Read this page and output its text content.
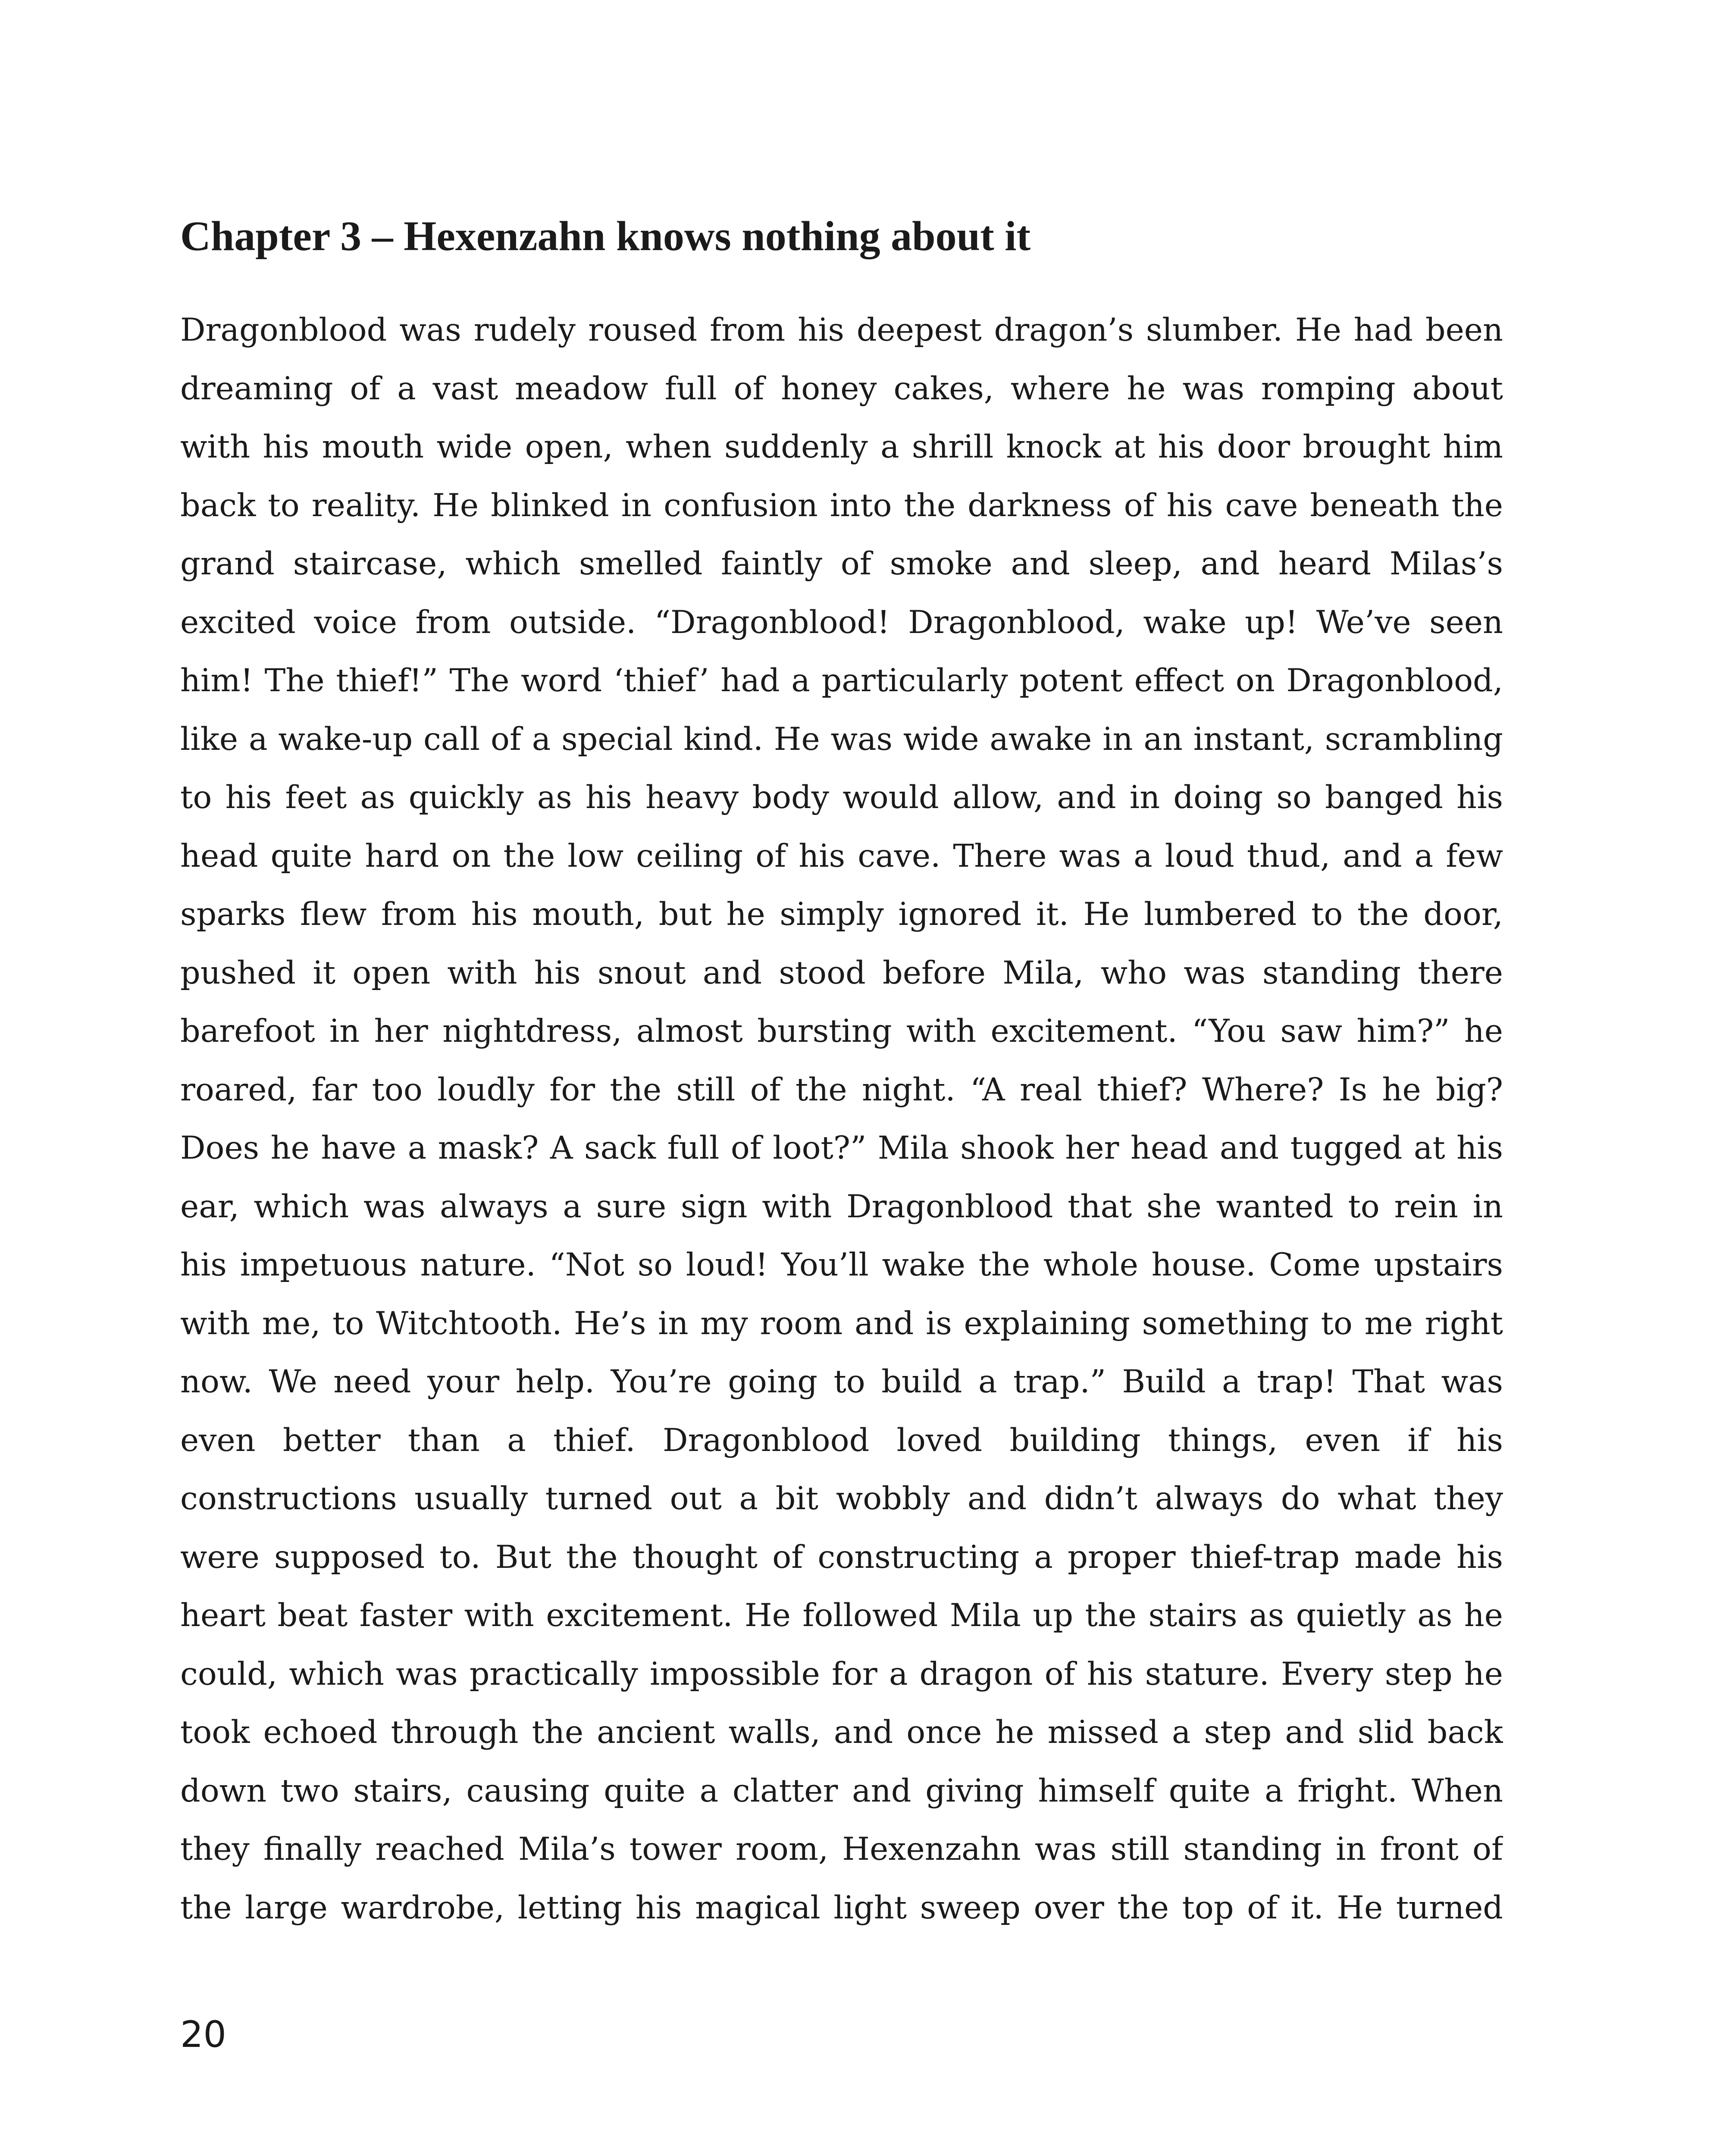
Chapter 3 – Hexenzahn knows nothing about it
Dragonblood was rudely roused from his deepest dragon’s slumber. He had been
dreaming of a vast meadow full of honey cakes, where he was romping about
with his mouth wide open, when suddenly a shrill knock at his door brought him
back to reality. He blinked in confusion into the darkness of his cave beneath the
grand staircase, which smelled faintly of smoke and sleep, and heard Milas’s
excited voice from outside. “Dragonblood! Dragonblood, wake up! We’ve seen
him! The thief!” The word ‘thief’ had a particularly potent effect on Dragonblood,
like a wake-up call of a special kind. He was wide awake in an instant, scrambling
to his feet as quickly as his heavy body would allow, and in doing so banged his
head quite hard on the low ceiling of his cave. There was a loud thud, and a few
sparks flew from his mouth, but he simply ignored it. He lumbered to the door,
pushed it open with his snout and stood before Mila, who was standing there
barefoot in her nightdress, almost bursting with excitement. “You saw him?” he
roared, far too loudly for the still of the night. “A real thief? Where? Is he big?
Does he have a mask? A sack full of loot?” Mila shook her head and tugged at his
ear, which was always a sure sign with Dragonblood that she wanted to rein in
his impetuous nature. “Not so loud! You’ll wake the whole house. Come upstairs
with me, to Witchtooth. He’s in my room and is explaining something to me right
now. We need your help. You’re going to build a trap.” Build a trap! That was
even better than a thief. Dragonblood loved building things, even if his
constructions usually turned out a bit wobbly and didn’t always do what they
were supposed to. But the thought of constructing a proper thief-trap made his
heart beat faster with excitement. He followed Mila up the stairs as quietly as he
could, which was practically impossible for a dragon of his stature. Every step he
took echoed through the ancient walls, and once he missed a step and slid back
down two stairs, causing quite a clatter and giving himself quite a fright. When
they finally reached Mila’s tower room, Hexenzahn was still standing in front of
the large wardrobe, letting his magical light sweep over the top of it. He turned
20
